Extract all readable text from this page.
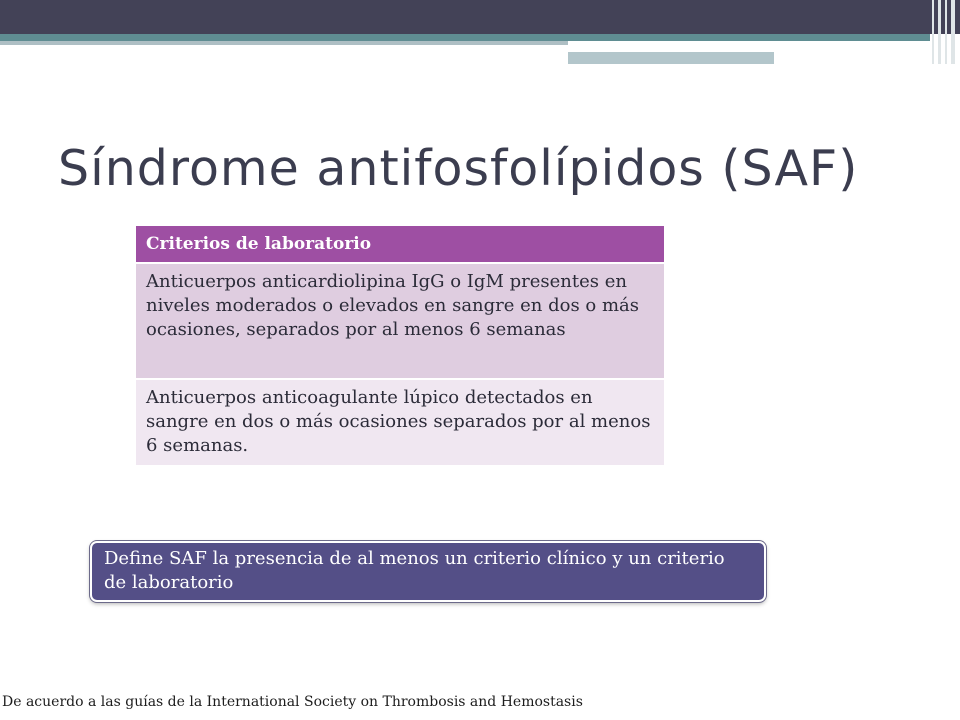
Síndrome antifosfolípidos (SAF)
Criterios de laboratorio
Anticuerpos anticardiolipina IgG o IgM presentes en niveles moderados o elevados en sangre en dos o más ocasiones, separados por al menos 6 semanas
Anticuerpos anticoagulante lúpico detectados en sangre en dos o más ocasiones separados por al menos 6 semanas.
Define SAF la presencia de al menos un criterio clínico y un criterio de laboratorio
De acuerdo a las guías de la International Society on Thrombosis and Hemostasis
